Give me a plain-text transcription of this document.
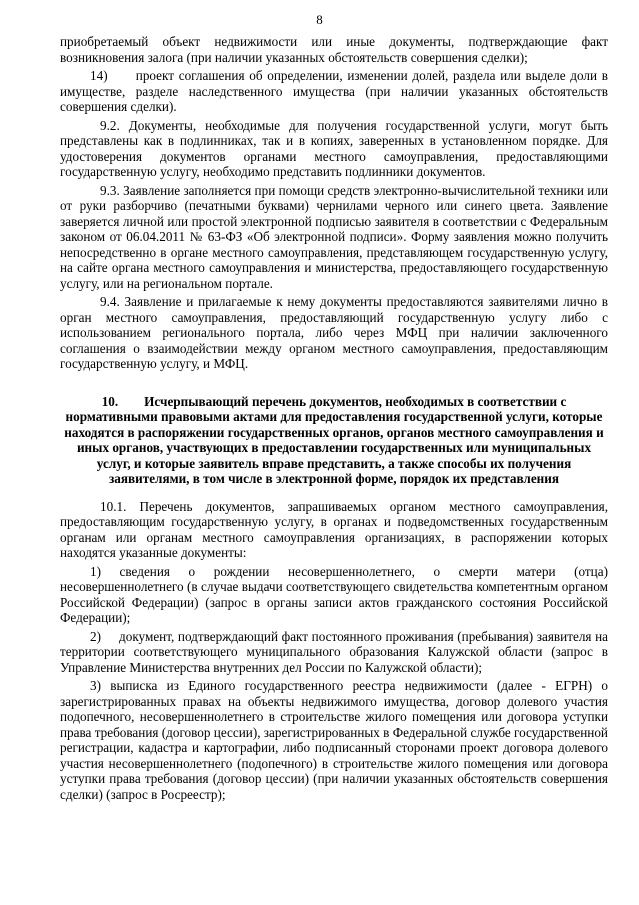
8

приобретаемый объект недвижимости или иные документы, подтверждающие факт возникновения залога (при наличии указанных обстоятельств совершения сделки);

14)      проект соглашения об определении, изменении долей, раздела или выделе доли в имуществе, разделе наследственного имущества (при наличии указанных обстоятельств совершения сделки).

9.2. Документы, необходимые для получения государственной услуги, могут быть представлены как в подлинниках, так и в копиях, заверенных в установленном порядке. Для удостоверения документов органами местного самоуправления, предоставляющими государственную услугу, необходимо представить подлинники документов.

9.3. Заявление заполняется при помощи средств электронно-вычислительной техники или от руки разборчиво (печатными буквами) чернилами черного или синего цвета. Заявление заверяется личной или простой электронной подписью заявителя в соответствии с Федеральным законом от 06.04.2011 № 63-ФЗ «Об электронной подписи». Форму заявления можно получить непосредственно в органе местного самоуправления, представляющем государственную услугу, на сайте органа местного самоуправления и министерства, предоставляющего государственную услугу, или на региональном портале.

9.4. Заявление и прилагаемые к нему документы предоставляются заявителями лично в орган местного самоуправления, предоставляющий государственную услугу либо с использованием регионального портала, либо через МФЦ при наличии заключенного соглашения о взаимодействии между органом местного самоуправления, предоставляющим государственную услугу, и МФЦ.

10. Исчерпывающий перечень документов, необходимых в соответствии с нормативными правовыми актами для предоставления государственной услуги, которые находятся в распоряжении государственных органов, органов местного самоуправления и иных органов, участвующих в предоставлении государственных или муниципальных услуг, и которые заявитель вправе представить, а также способы их получения заявителями, в том числе в электронной форме, порядок их представления

10.1. Перечень документов, запрашиваемых органом местного самоуправления, предоставляющим государственную услугу, в органах и подведомственных государственным органам или органам местного самоуправления организациях, в распоряжении которых находятся указанные документы:

1) сведения о рождении несовершеннолетнего, о смерти матери (отца) несовершеннолетнего (в случае выдачи соответствующего свидетельства компетентным органом Российской Федерации) (запрос в органы записи актов гражданского состояния Российской Федерации);

2)     документ, подтверждающий факт постоянного проживания (пребывания) заявителя на территории соответствующего муниципального образования Калужской области (запрос в Управление Министерства внутренних дел России по Калужской области);

3) выписка из Единого государственного реестра недвижимости (далее - ЕГРН) о зарегистрированных правах на объекты недвижимого имущества, договор долевого участия подопечного, несовершеннолетнего в строительстве жилого помещения или договора уступки права требования (договор цессии), зарегистрированных в Федеральной службе государственной регистрации, кадастра и картографии, либо подписанный сторонами проект договора долевого участия несовершеннолетнего (подопечного) в строительстве жилого помещения или договора уступки права требования (договор цессии) (при наличии указанных обстоятельств совершения сделки) (запрос в Росреестр);
